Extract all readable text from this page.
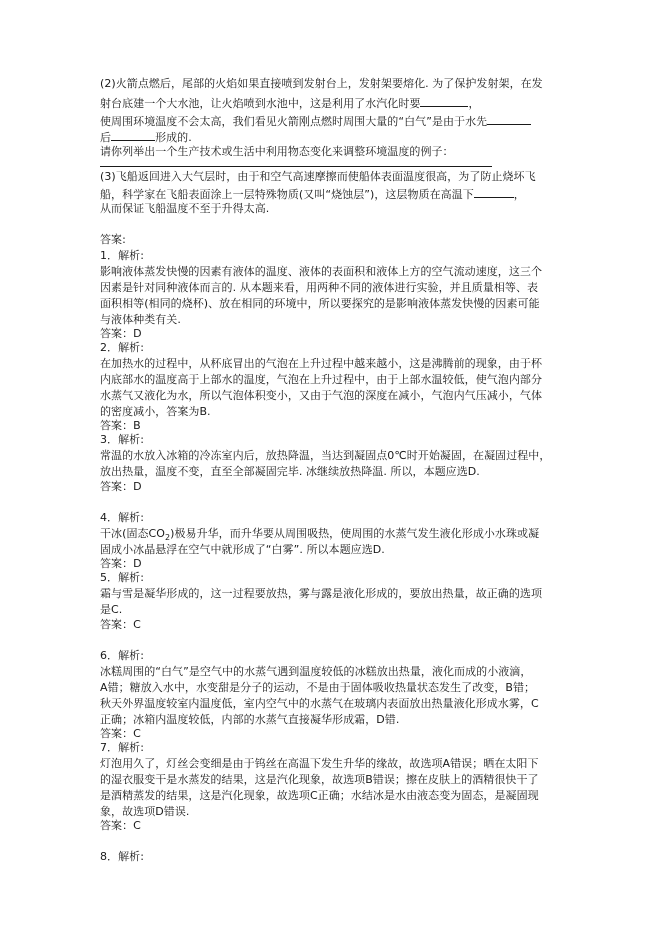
(2)火箭点燃后，尾部的火焰如果直接喷到发射台上，发射架要熔化. 为了保护发射架，在发
射台底建一个大水池，让火焰喷到水池中，这是利用了水汽化时要	，
使周围环境温度不会太高，我们看见火箭刚点燃时周围大量的“白气”是由于水先
后	形成的.
请你列举出一个生产技术或生活中利用物态变化来调整环境温度的例子：
(3)飞船返回进入大气层时，由于和空气高速摩擦而使船体表面温度很高，为了防止烧坏飞
船，科学家在飞船表面涂上一层特殊物质(又叫“烧蚀层”)，这层物质在高温下	，
从而保证飞船温度不至于升得太高.
答案:
1．解析:
影响液体蒸发快慢的因素有液体的温度、液体的表面积和液体上方的空气流动速度，这三个
因素是针对同种液体而言的. 从本题来看，用两种不同的液体进行实验，并且质量相等、表
面积相等(相同的烧杯)、放在相同的环境中，所以要探究的是影响液体蒸发快慢的因素可能
与液体种类有关.
答案：D
2．解析:
在加热水的过程中，从杯底冒出的气泡在上升过程中越来越小，这是沸腾前的现象，由于杯
内底部水的温度高于上部水的温度，气泡在上升过程中，由于上部水温较低，使气泡内部分
水蒸气又液化为水，所以气泡体积变小，又由于气泡的深度在减小，气泡内气压减小，气体
的密度减小，答案为B.
答案：B
3．解析:
常温的水放入冰箱的冷冻室内后，放热降温，当达到凝固点0℃时开始凝固，在凝固过程中，
放出热量，温度不变，直至全部凝固完毕. 冰继续放热降温. 所以，本题应选D.
答案：D
4．解析:
干冰(固态$CO_2$)极易升华，而升华要从周围吸热，使周围的水蒸气发生液化形成小水珠或凝
固成小冰晶悬浮在空气中就形成了“白雾”. 所以本题应选D.
答案：D
5．解析:
霜与雪是凝华形成的，这一过程要放热，雾与露是液化形成的，要放出热量，故正确的选项
是C.
答案：C
6．解析:
冰糕周围的“白气”是空气中的水蒸气遇到温度较低的冰糕放出热量，液化而成的小液滴，
A错；糖放入水中，水变甜是分子的运动，不是由于固体吸收热量状态发生了改变，B错；
秋天外界温度较室内温度低，室内空气中的水蒸气在玻璃内表面放出热量液化形成水雾，C
正确；冰箱内温度较低，内部的水蒸气直接凝华形成霜，D错.
答案：C
7．解析:
灯泡用久了，灯丝会变细是由于钨丝在高温下发生升华的缘故，故选项A错误；晒在太阳下
的湿衣服变干是水蒸发的结果，这是汽化现象，故选项B错误；擦在皮肤上的酒精很快干了
是酒精蒸发的结果，这是汽化现象，故选项C正确；水结冰是水由液态变为固态，是凝固现
象，故选项D错误.
答案：C
8．解析:
